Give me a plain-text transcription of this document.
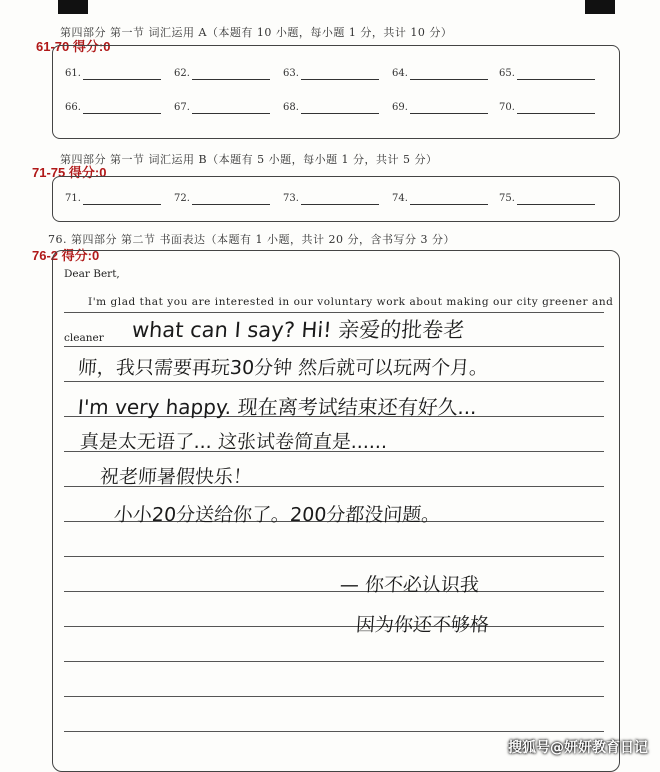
第四部分 第一节 词汇运用 A（本题有 10 小题，每小题 1 分，共计 10 分）
61-70 得分:0
61.	62.	63.	64.	65.
66.	67.	68.	69.	70.
第四部分 第一节 词汇运用 B（本题有 5 小题，每小题 1 分，共计 5 分）
71-75 得分:0
71.	72.	73.	74.	75.
76. 第四部分 第二节 书面表达（本题有 1 小题，共计 20 分，含书写分 3 分）
76-2 得分:0
Dear Bert,
I'm glad that you are interested in our voluntary work about making our city greener and
cleaner what can I say? Hi! 亲爱的批卷老
师，我只需要再玩30分钟 然后就可以玩两个月。
I'm very happy. 现在离考试结束还有好久...
真是太无语了... 这张试卷简直是......
祝老师暑假快乐！
小小20分送给你了。200分都没问题。
— 你不必认识我
因为你还不够格
搜狐号@妍妍教育日记
